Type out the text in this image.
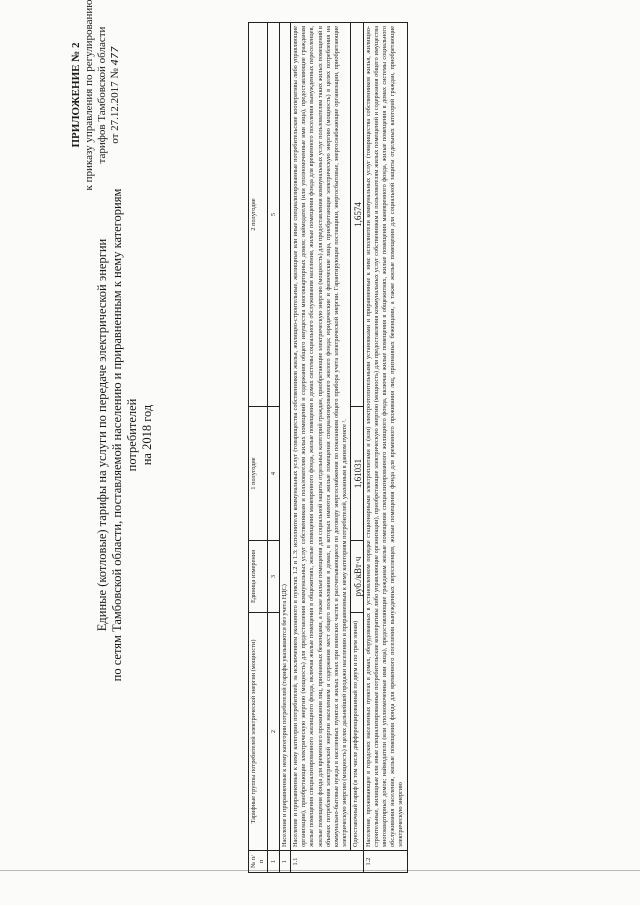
ПРИЛОЖЕНИЕ № 2 к приказу управления по регулированию тарифов Тамбовской области от 27.12.2017 № 477
Единые (котловые) тарифы на услуги по передаче электрической энергии по сетям Тамбовской области, поставляемой населению и приравненным к нему категориям потребителей на 2018 год
№ п/п	Тарифные группы потребителей электрической энергии (мощности)	Единица измерения	1 полугодие	2 полугодие
1	2	3	4	5
1	Население и приравненные к нему категории потребителей (тарифы указываются без учета НДС)			
1.1	Население и приравненные к нему категории потребителей, за исключением указанного в пунктах 1.2 и 1.3: исполнители коммунальных услуг (товарищества собственников жилья, жилищно-строительные, жилищные или иные специализированные потребительские кооперативы либо управляющие организации), приобретающие электрическую энергию (мощность) для предоставления коммунальных услуг собственникам и пользователям жилых помещений и содержания общего имущества многоквартирных домов; наймодатели (или уполномоченные ими лица), предоставляющие гражданам жилые помещения специализированного жилищного фонда, включая жилые помещения в общежитиях, жилые помещения маневренного фонда, жилые помещения в домах системы социального обслуживания населения, жилые помещения фонда для временного поселения вынужденных переселенцев, жилые помещения фонда для временного проживания лиц, признанных беженцами, а также жилые помещения для социальной защиты отдельных категорий граждан, приобретающие электрическую энергию (мощность) для предоставления коммунальных услуг пользователям таких жилых помещений в объемах потребления электрической энергии населением и содержания мест общего пользования в домах, в которых имеются жилые помещения специализированного жилого фонда; юридические и физические лица, приобретающие электрическую энергию (мощность) в целях потребления на коммунально-бытовые нужды в населенных пунктах и жилых зонах при воинских частях и рассчитывающиеся по договору энергоснабжения по показаниям общего прибора учета электрической энергии. Гарантирующие поставщики, энергосбытовые, энергоснабжающие организации, приобретающие электрическую энергию (мощность) в целях дальнейшей продажи населению и приравненным к нему категориям потребителей, указанным в данном пункте ¹.			
	Одноставочный тариф (в том числе дифференцированный по двум и по трем зонам)	руб./кВт·ч	1,61031	1,6574
1.2	Население, проживающее в городских населенных пунктах в домах, оборудованных в установленном порядке стационарными электроплитами и (или) электроотопительными установками и приравненные к ним: исполнители коммунальных услуг (товарищества собственников жилья, жилищно-строительные, жилищные или иные специализированные потребительские кооперативы либо управляющие организации), приобретающие электрическую энергию (мощность) для предоставления коммунальных услуг собственникам и пользователям жилых помещений и содержания общего имущества многоквартирных домов; наймодатели (или уполномоченные ими лица), предоставляющие гражданам жилые помещения специализированного жилищного фонда, включая жилые помещения в общежитиях, жилые помещения маневренного фонда, жилые помещения в домах системы социального обслуживания населения, жилые помещения фонда для временного поселения вынужденных переселенцев, жилые помещения фонда для временного проживания лиц, признанных беженцами, а также жилые помещения для социальной защиты отдельных категорий граждан, приобретающие электрическую энергию			
